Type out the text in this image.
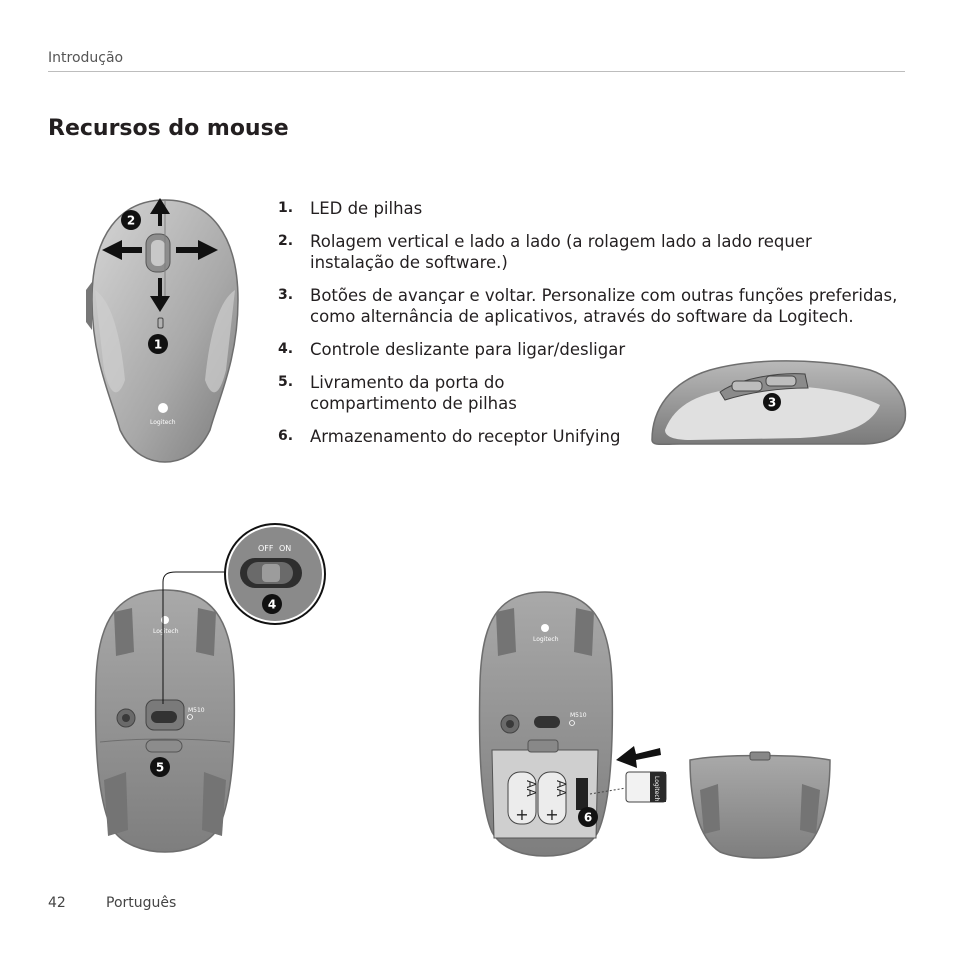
Introdução
Recursos do mouse
1. LED de pilhas
2. Rolagem vertical e lado a lado (a rolagem lado a lado requer instalação de software.)
3. Botões de avançar e voltar. Personalize com outras funções preferidas, como alternância de aplicativos, através do software da Logitech.
4. Controle deslizante para ligar/desligar
5. Livramento da porta do compartimento de pilhas
6. Armazenamento do receptor Unifying
Logitech
2
1
3
M510
Logitech
OFF ON
4
5
M510
Logitech
AA
+
AA
+
Logitech
6
42	Português
